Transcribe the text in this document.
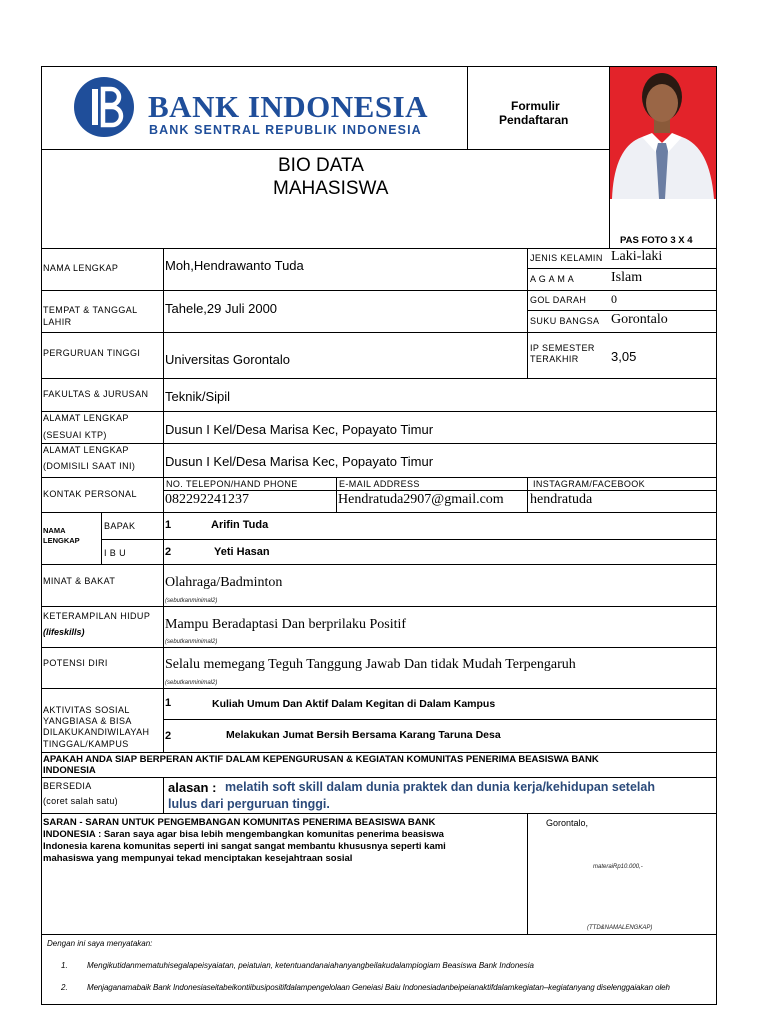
BANK INDONESIA
BANK SENTRAL REPUBLIK INDONESIA
Formulir
Pendaftaran
BIO DATA
MAHASISWA
PAS FOTO 3 X 4
NAMA LENGKAP	Moh,Hendrawanto Tuda	JENIS KELAMIN Laki-laki
A G A M A	Islam
TEMPAT & TANGGAL
LAHIR
Tahele,29 Juli 2000
GOL DARAH 0
SUKU BANGSA Gorontalo
PERGURUAN TINGGI Universitas Gorontalo
IP SEMESTER
TERAKHIR 3,05
FAKULTAS & JURUSAN Teknik/Sipil
ALAMAT LENGKAP
(SESUAI KTP)	Dusun I Kel/Desa Marisa Kec, Popayato Timur
ALAMAT LENGKAP
(DOMISILI SAAT INI) Dusun I Kel/Desa Marisa Kec, Popayato Timur
KONTAK PERSONAL
NO. TELEPON/HAND PHONE
082292241237
E-MAIL ADDRESS
Hendratuda2907@gmail.com
INSTAGRAM/FACEBOOK
hendratuda
NAMA
LENGKAP
BAPAK	1	Arifin Tuda
I B U	2	Yeti Hasan
MINAT & BAKAT	Olahraga/Badminton
(sebutkanminimal2)
KETERAMPILAN HIDUP
(lifeskills)	Mampu Beradaptasi Dan berprilaku Positif
(sebutkanminimal2)
POTENSI DIRI	Selalu memegang Teguh Tanggung Jawab Dan tidak Mudah Terpengaruh
(sebutkanminimal2)
AKTIVITAS SOSIAL
YANGBIASA & BISA
DILAKUKANDIWILAYAH
TINGGAL/KAMPUS
1	Kuliah Umum Dan Aktif Dalam Kegitan di Dalam Kampus
2	Melakukan Jumat Bersih Bersama Karang Taruna Desa
APAKAH ANDA SIAP BERPERAN AKTIF DALAM KEPENGURUSAN & KEGIATAN KOMUNITAS PENERIMA BEASISWA BANK
INDONESIA
BERSEDIA
(coret salah satu)
alasan : melatih soft skill dalam dunia praktek dan dunia kerja/kehidupan setelah
lulus dari perguruan tinggi.
SARAN - SARAN UNTUK PENGEMBANGAN KOMUNITAS PENERIMA BEASISWA BANK
INDONESIA : Saran saya agar bisa lebih mengembangkan komunitas penerima beasiswa
Indonesia karena komunitas seperti ini sangat sangat membantu khususnya seperti kami
mahasiswa yang mempunyai tekad menciptakan kesejahtraan sosial
Gorontalo,
materaiRp10.000,-
(TTD&NAMALENGKAP)
Dengan ini saya menyatakan:
1. Mengikutidanmematuhisegalapeisyaiatan, peiatuian, ketentuandanaiahanyangbeilakudalampiogiam Beasiswa Bank Indonesia
2. Menjaganamabaik Bank Indonesiaseitabeikontiibusipositifdalampengelolaan Geneiasi Baiu Indonesiadanbeipeianaktifdalamkegiatan–kegiatanyang diselenggaiakan oleh
